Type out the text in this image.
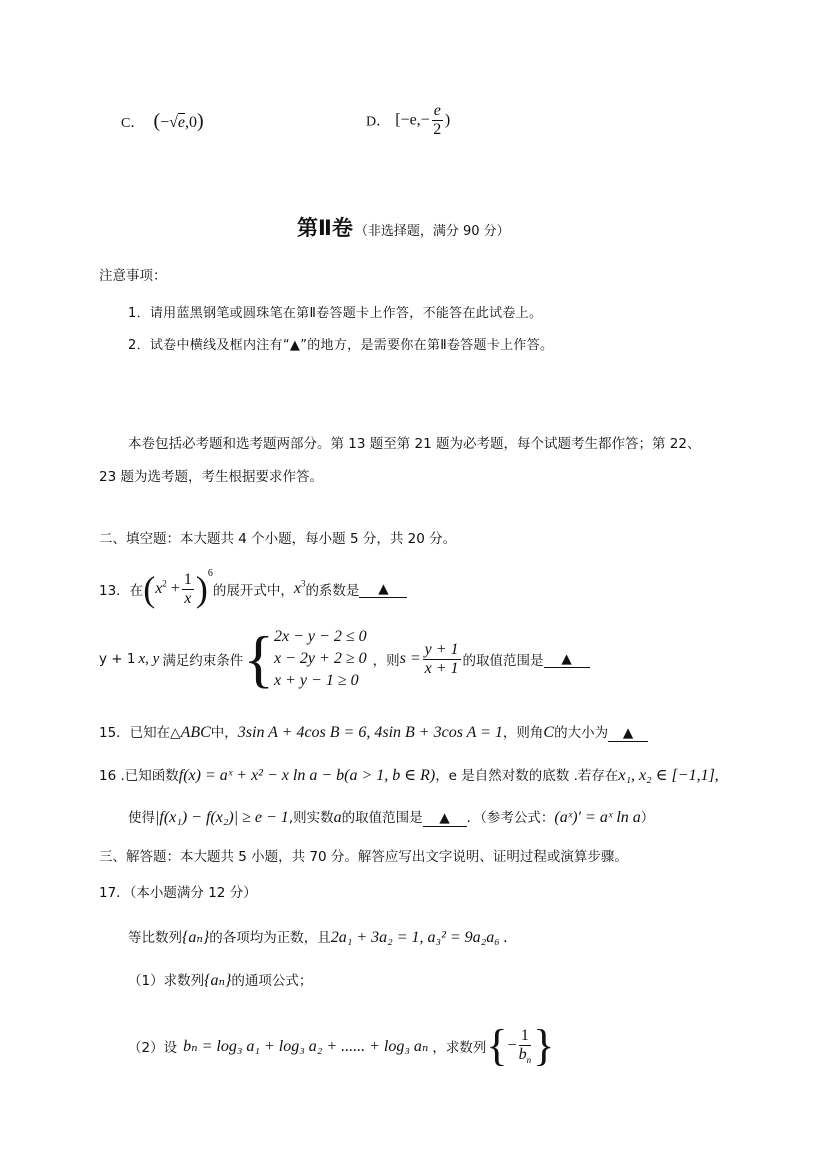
C． (−√e,0)	D． [$-e,- \frac{e}{2}$ )
第Ⅱ卷 （非选择题，满分 90 分）
注意事项：
1．请用蓝黑钢笔或圆珠笔在第Ⅱ卷答题卡上作答，不能答在此试卷上。
2．试卷中横线及框内注有“▲”的地方，是需要你在第Ⅱ卷答题卡上作答。
本卷包括必考题和选考题两部分。第 13 题至第 21 题为必考题，每个试题考生都作答；第 22、
23 题为选考题，考生根据要求作答。
二、填空题：本大题共 4 个小题，每小题 5 分，共 20 分。
13．在 ( $x^2 + \frac{1}{x} )^6$
的展开式中， $x^3$ 的系数是	▲
y + 1 x, y 满足约束条件 { 2x − y − 2 ≤ 0
x − 2y + 2 ≥ 0
x + y − 1 ≥ 0
，则 $s = \frac{y + 1}{x + 1}$ 的取值范围是	▲
15．已知在△ABC中，3sin A + 4cos B = 6, 4sin B + 3cos A = 1，则角C的大小为 ▲
16 .已知函数f(x) = aˣ + x² − x ln a − b(a > 1, b ∈ R)，e 是自然对数的底数 .若存在x₁, x₂ ∈ [−1,1],
使得|f(x₁) − f(x₂)| ≥ e − 1,则实数a的取值范围是 ▲ ．（参考公式：(aˣ)′ = aˣ ln a）
三、解答题：本大题共 5 小题，共 70 分。解答应写出文字说明、证明过程或演算步骤。
17．（本小题满分 12 分）
等比数列{aₙ}的各项均为正数，且2a₁ + 3a₂ = 1, a₃² = 9a₂a₆ .
（1）求数列{aₙ}的通项公式；
（2）设 bₙ = log₃ a₁ + log₃ a₂ + ...... + log₃ aₙ ，求数列 { − $\frac{1}{b_n}$ }
